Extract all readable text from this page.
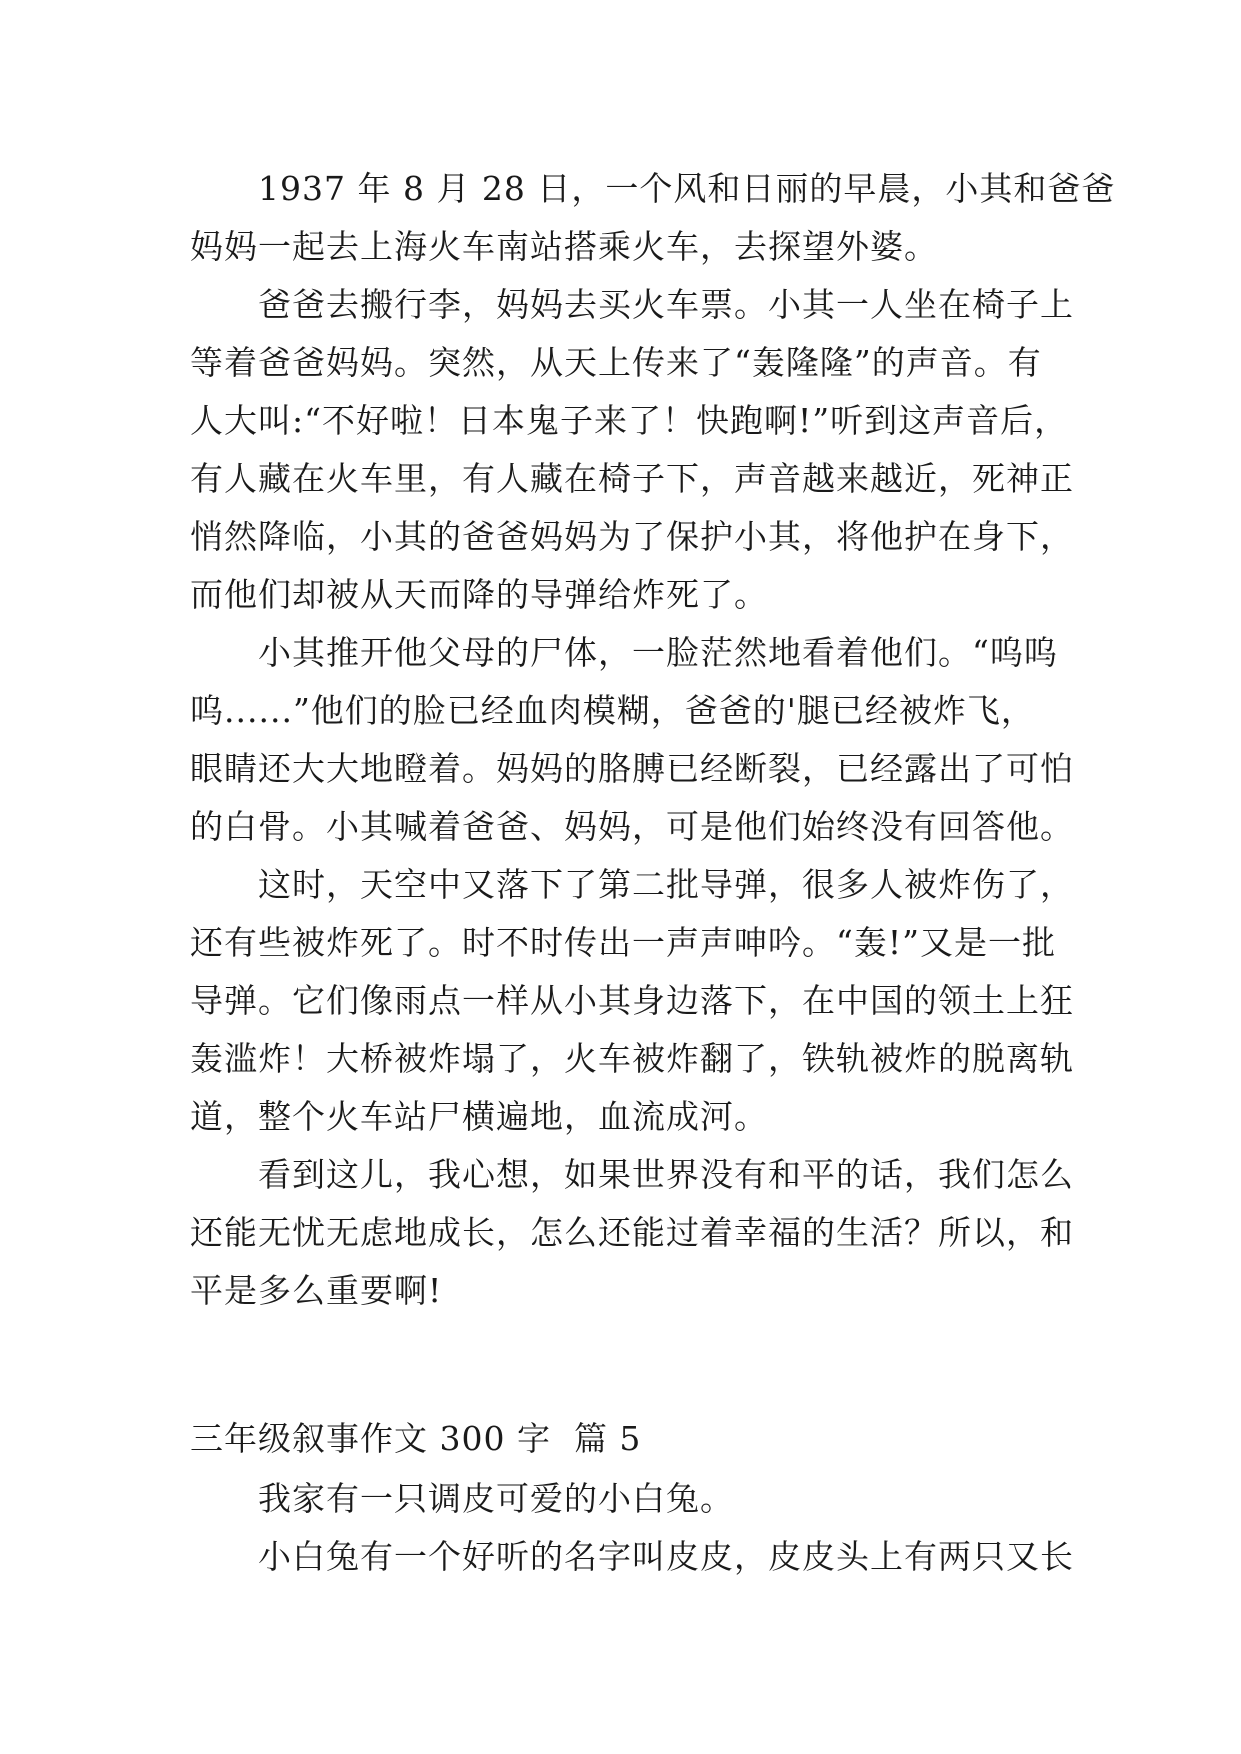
1937 年 8 月 28 日，一个风和日丽的早晨，小其和爸爸
妈妈一起去上海火车南站搭乘火车，去探望外婆。
爸爸去搬行李，妈妈去买火车票。小其一人坐在椅子上
等着爸爸妈妈。突然，从天上传来了“轰隆隆”的声音。有
人大叫:“不好啦！日本鬼子来了！快跑啊!”听到这声音后，
有人藏在火车里，有人藏在椅子下，声音越来越近，死神正
悄然降临，小其的爸爸妈妈为了保护小其，将他护在身下，
而他们却被从天而降的导弹给炸死了。
小其推开他父母的尸体，一脸茫然地看着他们。“呜呜
呜......”他们的脸已经血肉模糊，爸爸的'腿已经被炸飞，
眼睛还大大地瞪着。妈妈的胳膊已经断裂，已经露出了可怕
的白骨。小其喊着爸爸、妈妈，可是他们始终没有回答他。
这时，天空中又落下了第二批导弹，很多人被炸伤了，
还有些被炸死了。时不时传出一声声呻吟。“轰!”又是一批
导弹。它们像雨点一样从小其身边落下，在中国的领土上狂
轰滥炸！大桥被炸塌了，火车被炸翻了，铁轨被炸的脱离轨
道，整个火车站尸横遍地，血流成河。
看到这儿，我心想，如果世界没有和平的话，我们怎么
还能无忧无虑地成长，怎么还能过着幸福的生活？所以，和
平是多么重要啊!
三年级叙事作文 300 字  篇 5
我家有一只调皮可爱的小白兔。
小白兔有一个好听的名字叫皮皮，皮皮头上有两只又长
